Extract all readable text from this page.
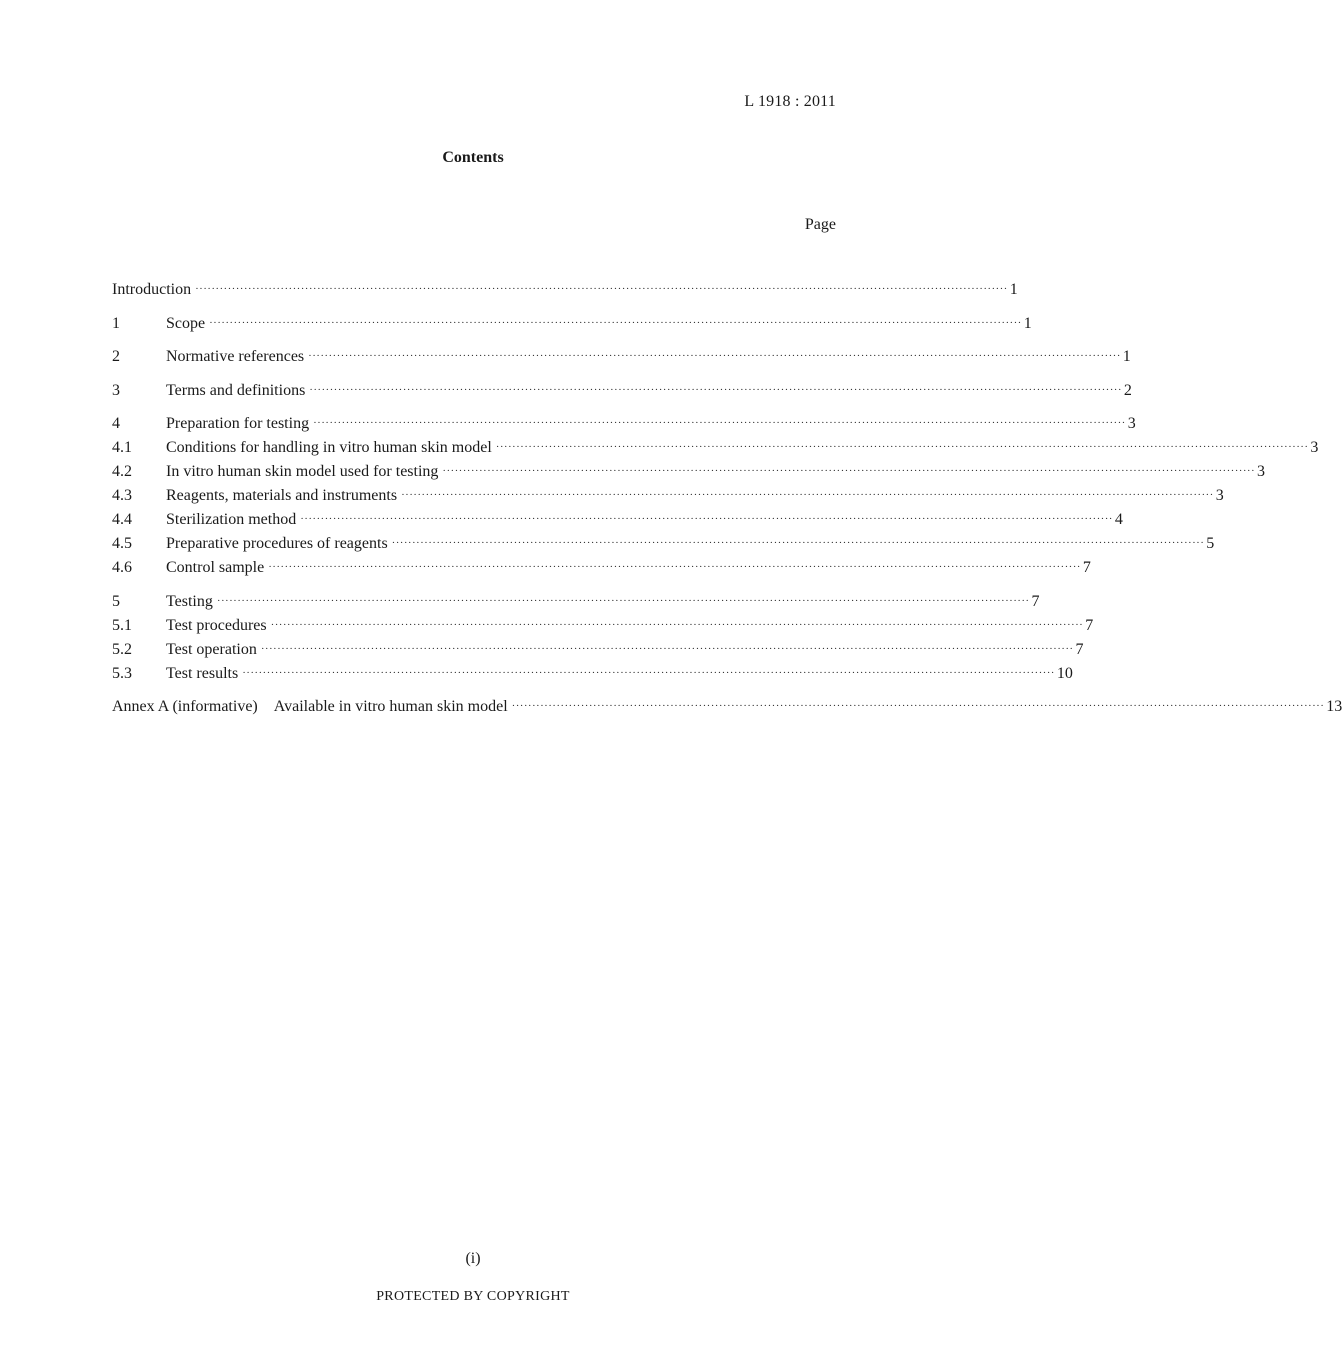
L 1918 : 2011
Contents
Page
Introduction ········································································································································································································ 1
1	Scope ········································································································································································································ 1
2	Normative references ········································································································································································································ 1
3	Terms and definitions ········································································································································································································ 2
4	Preparation for testing ········································································································································································································ 3
4.1	Conditions for handling in vitro human skin model ········································································································································································································ 3
4.2	In vitro human skin model used for testing ········································································································································································································ 3
4.3	Reagents, materials and instruments ········································································································································································································ 3
4.4	Sterilization method ········································································································································································································ 4
4.5	Preparative procedures of reagents ········································································································································································································ 5
4.6	Control sample ········································································································································································································ 7
5	Testing ········································································································································································································ 7
5.1	Test procedures ········································································································································································································ 7
5.2	Test operation ········································································································································································································ 7
5.3	Test results ········································································································································································································ 10
Annex A (informative)	Available in vitro human skin model ········································································································································································································ 13
(i)
PROTECTED BY COPYRIGHT
